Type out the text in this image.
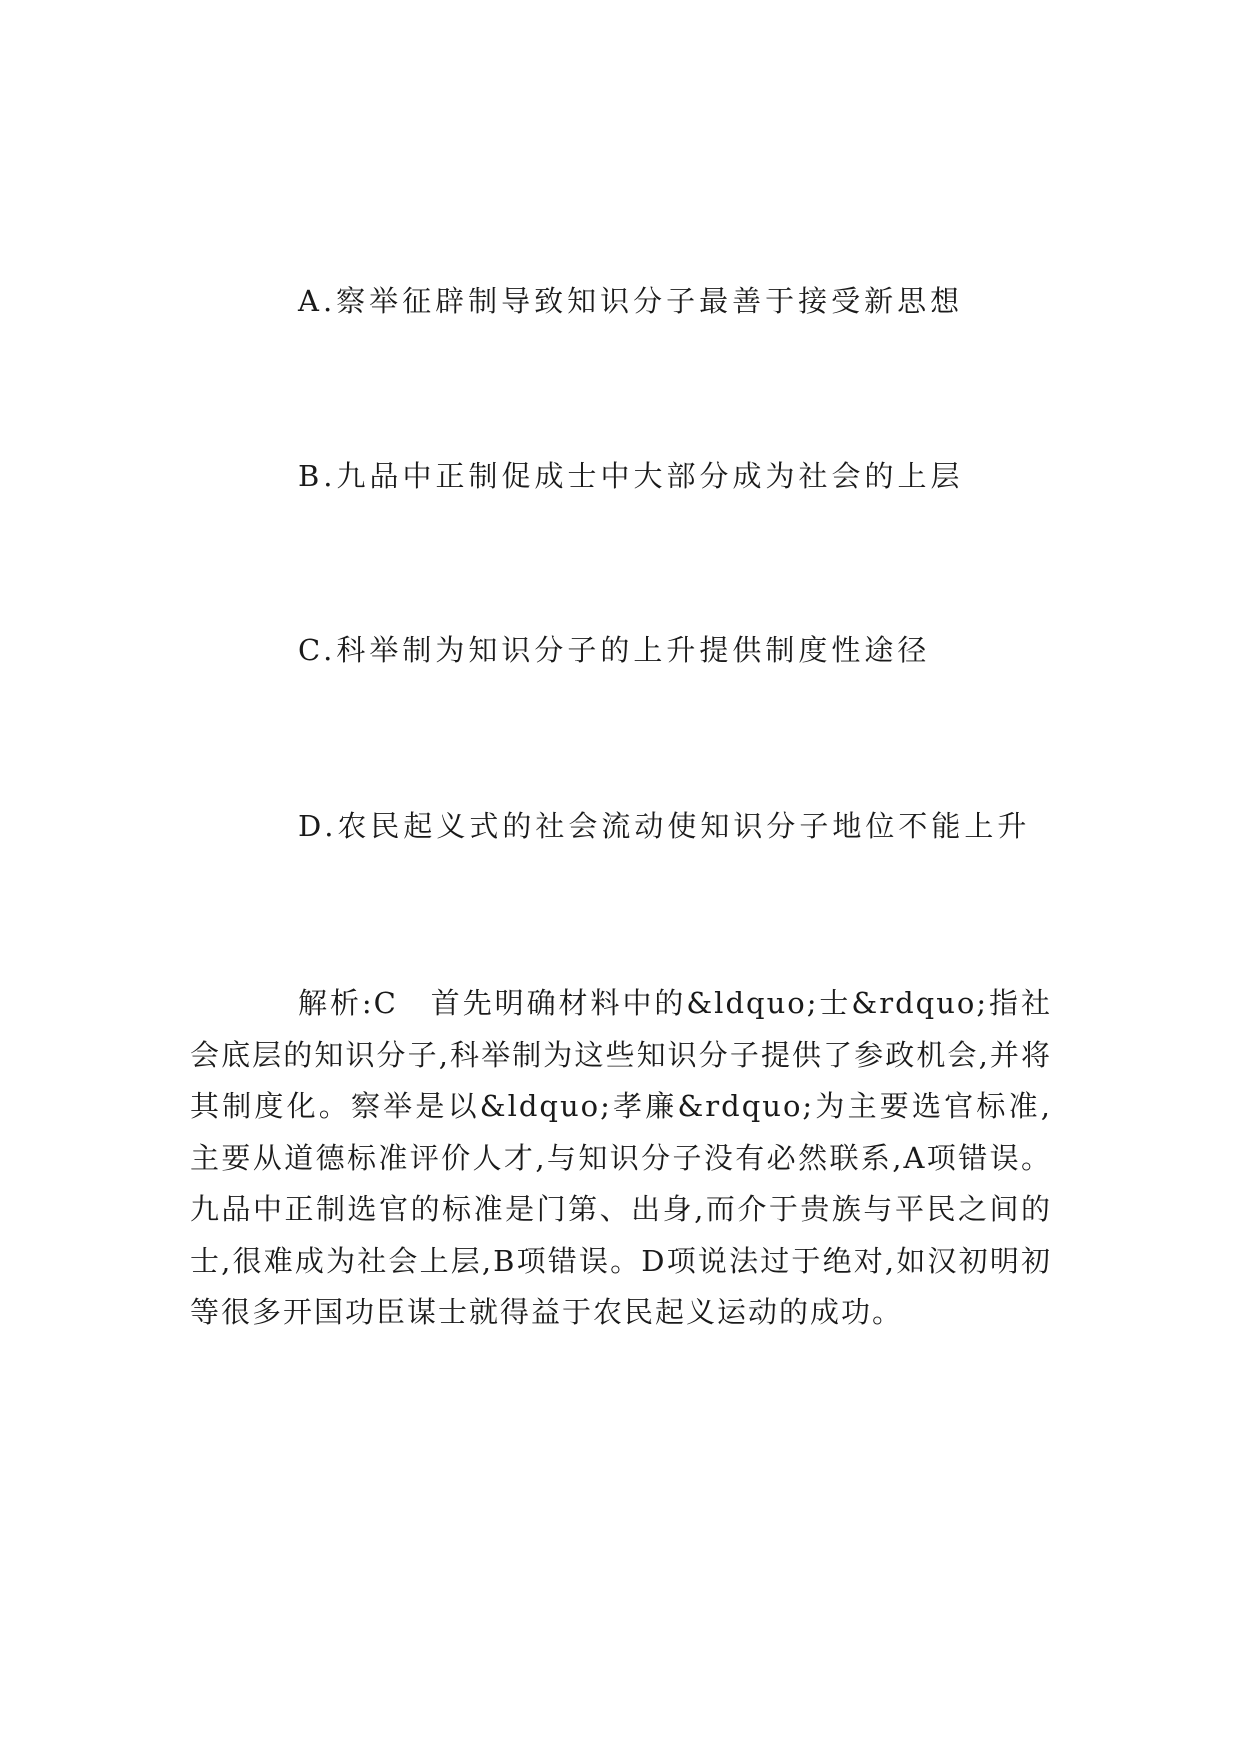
A.察举征辟制导致知识分子最善于接受新思想

B.九品中正制促成士中大部分成为社会的上层

C.科举制为知识分子的上升提供制度性途径

D.农民起义式的社会流动使知识分子地位不能上升

解析:C　首先明确材料中的&ldquo;士&rdquo;指社会底层的知识分子,科举制为这些知识分子提供了参政机会,并将其制度化。察举是以&ldquo;孝廉&rdquo;为主要选官标准,主要从道德标准评价人才,与知识分子没有必然联系,A项错误。九品中正制选官的标准是门第、出身,而介于贵族与平民之间的士,很难成为社会上层,B项错误。D项说法过于绝对,如汉初明初等很多开国功臣谋士就得益于农民起义运动的成功。
